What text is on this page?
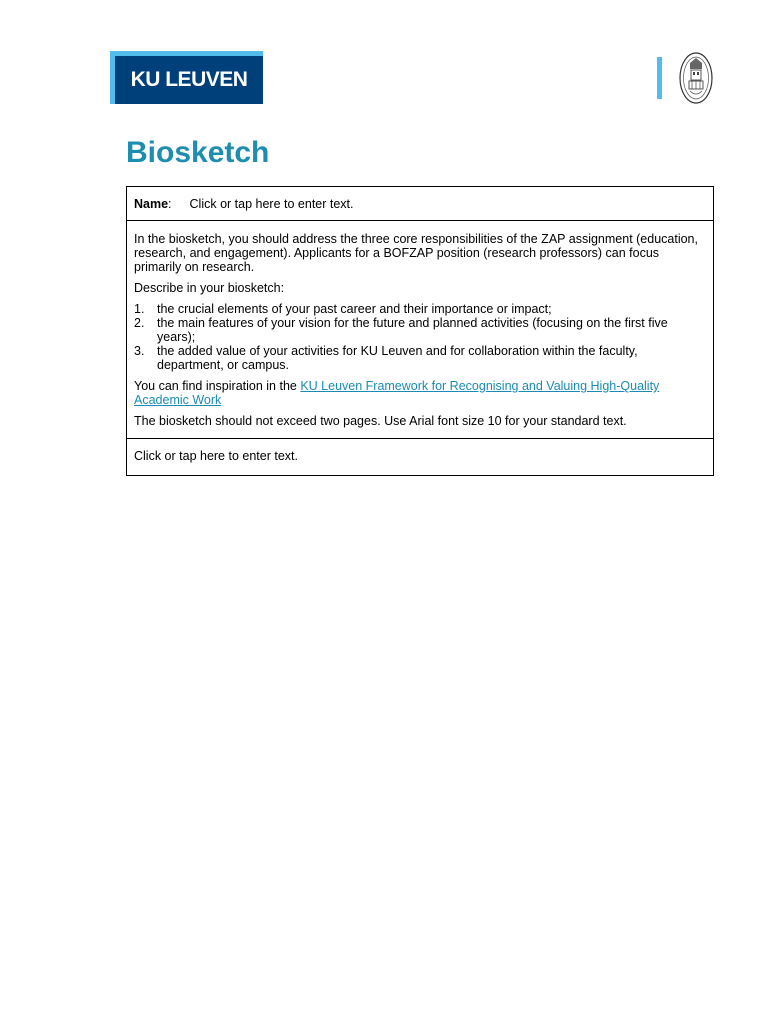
KU LEUVEN
Biosketch
Name: Click or tap here to enter text.

In the biosketch, you should address the three core responsibilities of the ZAP assignment (education, research, and engagement). Applicants for a BOFZAP position (research professors) can focus primarily on research.

Describe in your biosketch:

1. the crucial elements of your past career and their importance or impact;
2. the main features of your vision for the future and planned activities (focusing on the first five years);
3. the added value of your activities for KU Leuven and for collaboration within the faculty, department, or campus.

You can find inspiration in the KU Leuven Framework for Recognising and Valuing High-Quality Academic Work

The biosketch should not exceed two pages. Use Arial font size 10 for your standard text.

Click or tap here to enter text.
